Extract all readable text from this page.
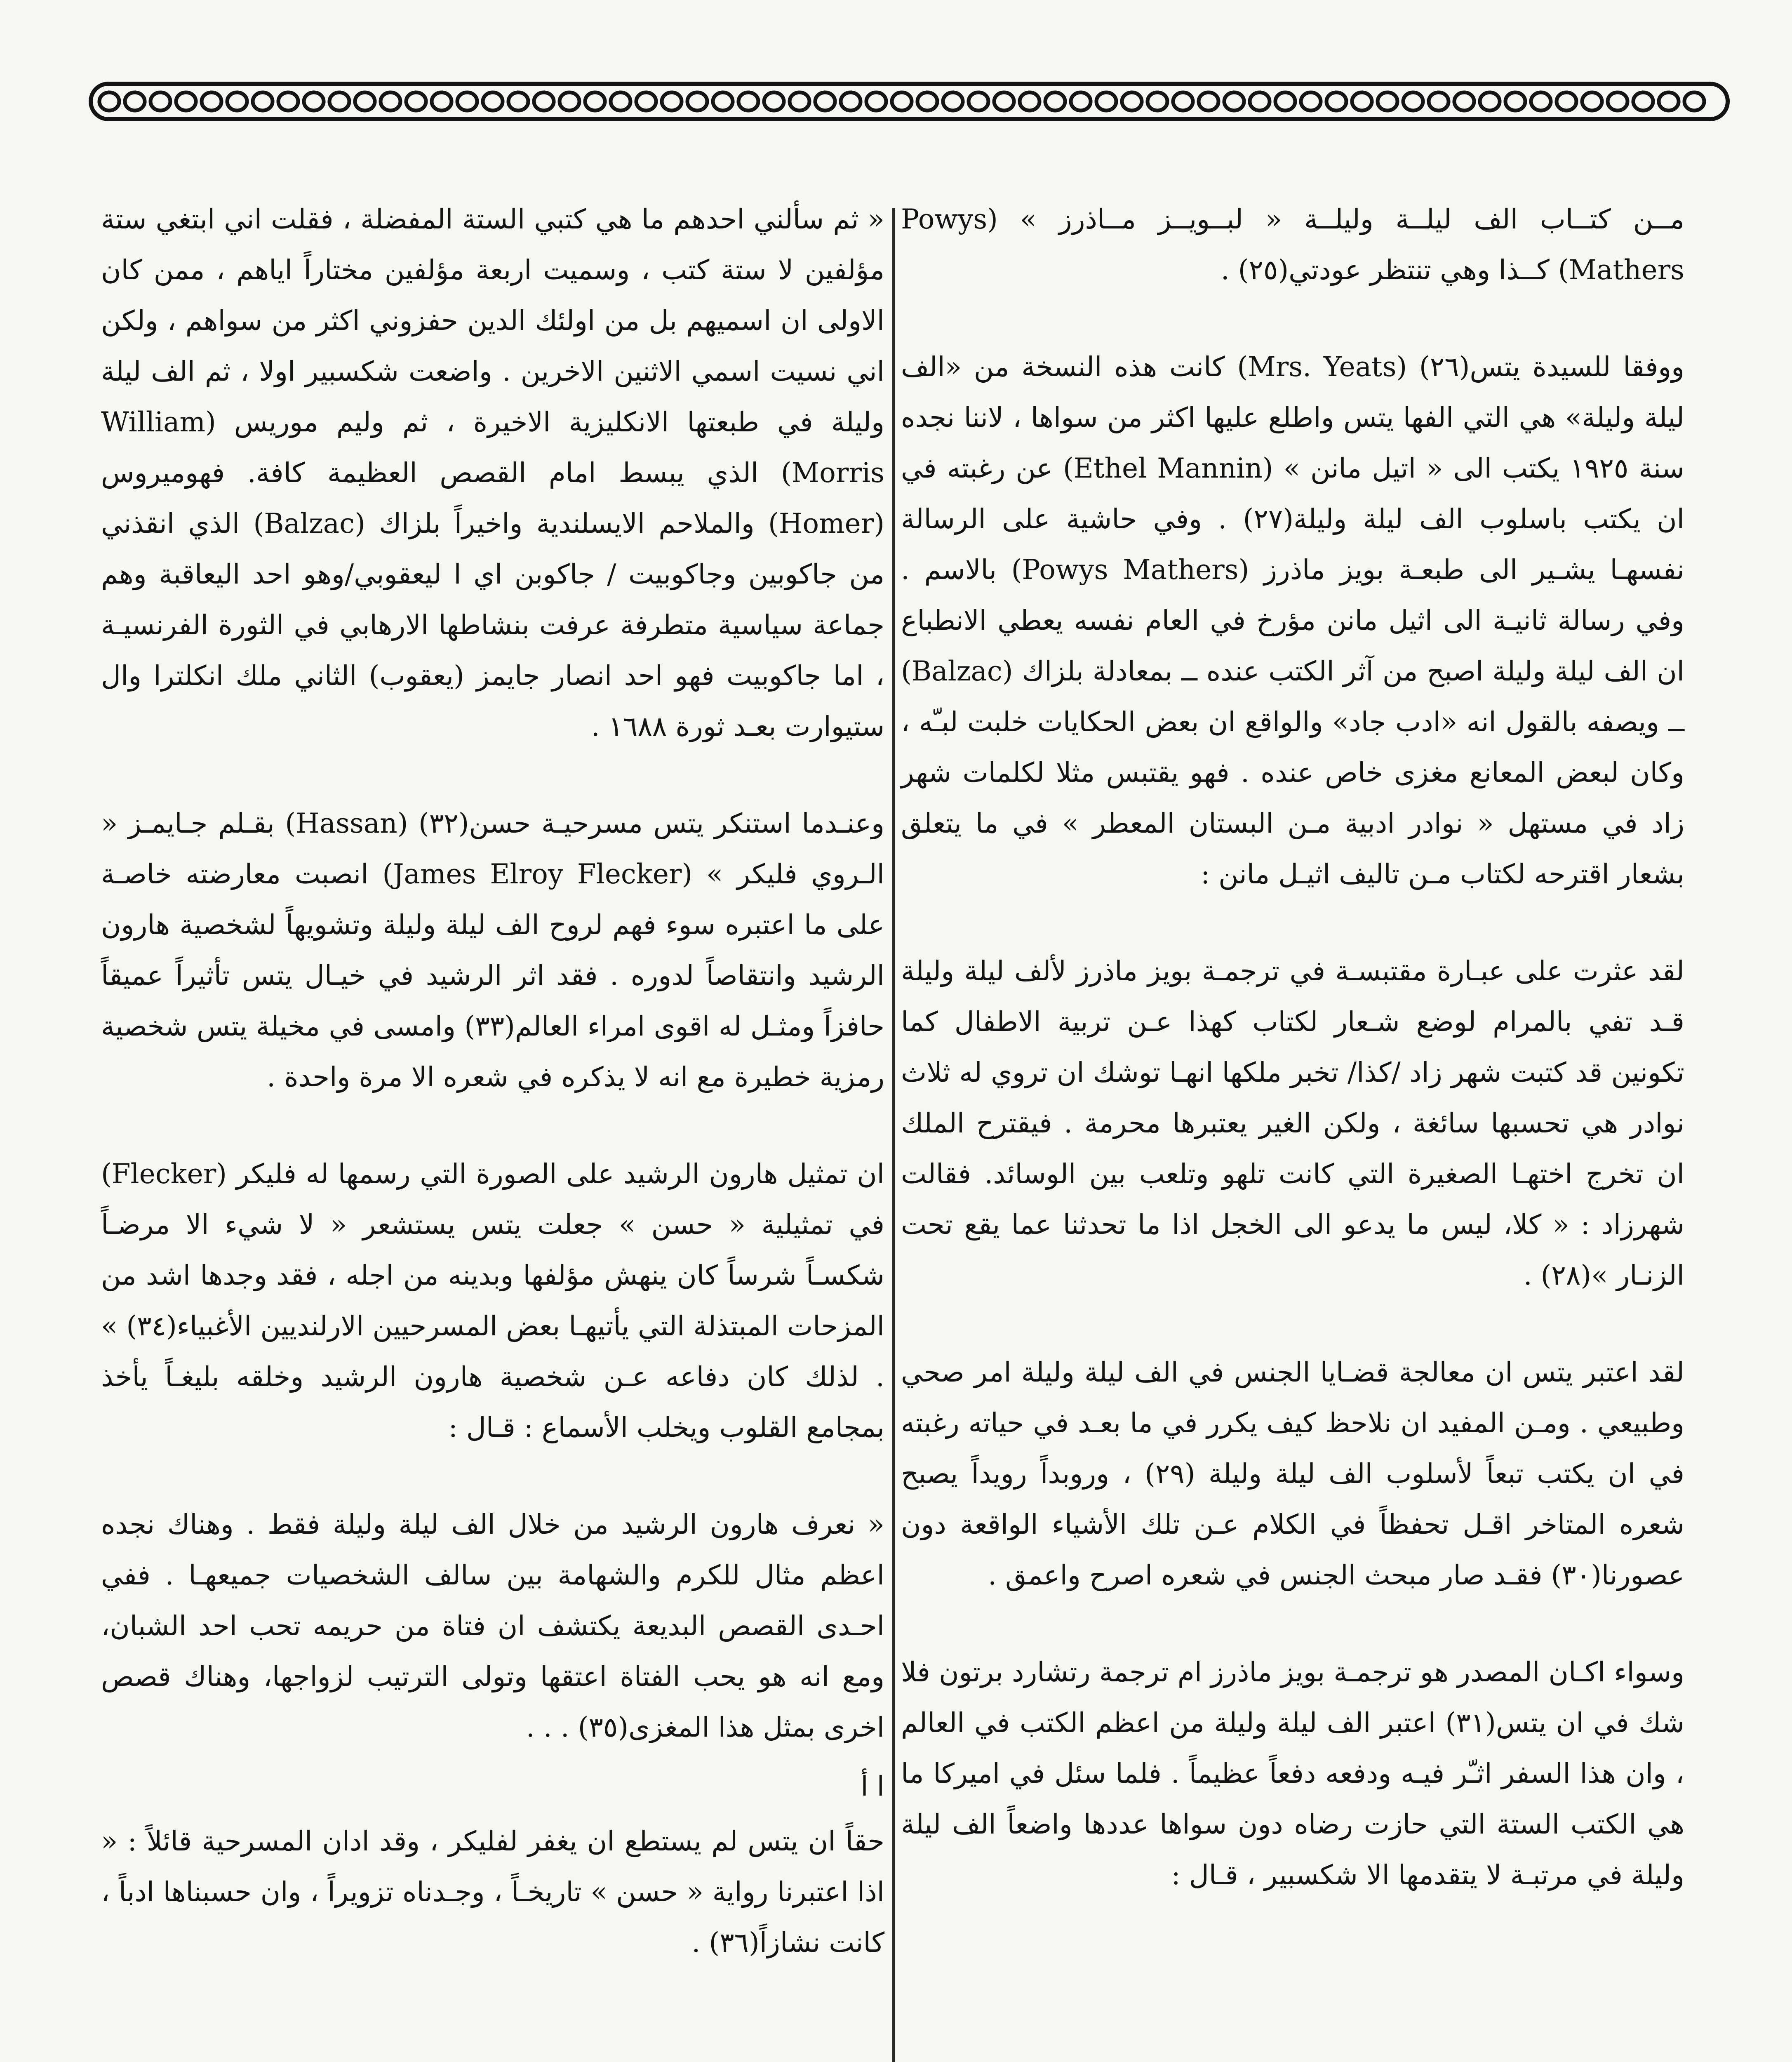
مــن كتــاب الف ليلــة وليلــة « لبــويــز مــاذرز » (Powys Mathers) كــذا وهي تنتظر عودتي(٢٥) .

ووفقا للسيدة يتس(٢٦) (Mrs. Yeats) كانت هذه النسخة من «الف ليلة وليلة» هي التي الفها يتس واطلع عليها اكثر من سواها ، لاننا نجده سنة ١٩٢٥ يكتب الى « اتيل مانن » (Ethel Mannin) عن رغبته في ان يكتب باسلوب الف ليلة وليلة(٢٧) . وفي حاشية على الرسالة نفسهـا يشـير الى طبعـة بويز ماذرز (Powys Mathers) بالاسم . وفي رسالة ثانيـة الى اثيل مانن مؤرخ في العام نفسه يعطي الانطباع ان الف ليلة وليلة اصبح من آثر الكتب عنده ــ بمعادلة بلزاك (Balzac) ــ ويصفه بالقول انه «ادب جاد» والواقع ان بعض الحكايات خلبت لبـّه ، وكان لبعض المعانع مغزى خاص عنده . فهو يقتبس مثلا لكلمات شهر زاد في مستهل « نوادر ادبية مـن البستان المعطر » في ما يتعلق بشعار اقترحه لكتاب مـن تاليف اثيـل مانن :

لقد عثرت على عبـارة مقتبسـة في ترجمـة بويز ماذرز لألف ليلة وليلة قـد تفي بالمرام لوضع شـعار لكتاب كهذا عـن تربية الاطفال كما تكونين قد كتبت شهر زاد /كذا/ تخبر ملكها انهـا توشك ان تروي له ثلاث نوادر هي تحسبها سائغة ، ولكن الغير يعتبرها محرمة . فيقترح الملك ان تخرج اختهـا الصغيرة التي كانت تلهو وتلعب بين الوسائد. فقالت شهرزاد : « كلا، ليس ما يدعو الى الخجل اذا ما تحدثنا عما يقع تحت الزنـار »(٢٨) .

لقد اعتبر يتس ان معالجة قضـايا الجنس في الف ليلة وليلة امر صحي وطبيعي . ومـن المفيد ان نلاحظ كيف يكرر في ما بعـد في حياته رغبته في ان يكتب تبعاً لأسلوب الف ليلة وليلة (٢٩) ، وروبداً رويداً يصبح شعره المتاخر اقـل تحفظاً في الكلام عـن تلك الأشياء الواقعة دون عصورنا(٣٠) فقـد صار مبحث الجنس في شعره اصرح واعمق .

وسواء اكـان المصدر هو ترجمـة بويز ماذرز ام ترجمة رتشارد برتون فلا شك في ان يتس(٣١) اعتبر الف ليلة وليلة من اعظم الكتب في العالم ، وان هذا السفر اثـّر فيـه ودفعه دفعاً عظيماً . فلما سئل في اميركا ما هي الكتب الستة التي حازت رضاه دون سواها عددها واضعاً الف ليلة وليلة في مرتبـة لا يتقدمها الا شكسبير ، قـال :

« ثم سألني احدهم ما هي كتبي الستة المفضلة ، فقلت اني ابتغي ستة مؤلفين لا ستة كتب ، وسميت اربعة مؤلفين مختاراً اياهم ، ممن كان الاولى ان اسميهم بل من اولئك الدين حفزوني اكثر من سواهم ، ولكن اني نسيت اسمي الاثنين الاخرين . واضعت شكسبير اولا ، ثم الف ليلة وليلة في طبعتها الانكليزية الاخيرة ، ثم وليم موريس (William Morris) الذي يبسط امام القصص العظيمة كافة. فهوميروس (Homer) والملاحم الايسلندية واخيراً بلزاك (Balzac) الذي انقذني من جاكوبين وجاكوبيت / جاكوبن اي ا ليعقوبي/وهو احد اليعاقبة وهم جماعة سياسية متطرفة عرفت بنشاطها الارهابي في الثورة الفرنسيـة ، اما جاكوبيت فهو احد انصار جايمز (يعقوب) الثاني ملك انكلترا وال ستيوارت بعـد ثورة ١٦٨٨ .

وعنـدما استنكر يتس مسرحيـة حسن(٣٢) (Hassan) بقـلم جـايمـز « الـروي فليكر » (James Elroy Flecker) انصبت معارضته خاصـة على ما اعتبره سوء فهم لروح الف ليلة وليلة وتشويهاً لشخصية هارون الرشيد وانتقاصاً لدوره . فقد اثر الرشيد في خيـال يتس تأثيراً عميقاً حافزاً ومثـل له اقوى امراء العالم(٣٣) وامسى في مخيلة يتس شخصية رمزية خطيرة مع انه لا يذكره في شعره الا مرة واحدة .

ان تمثيل هارون الرشيد على الصورة التي رسمها له فليكر (Flecker) في تمثيلية « حسن » جعلت يتس يستشعر « لا شيء الا مرضـاً شكسـاً شرساً كان ينهش مؤلفها وبدينه من اجله ، فقد وجدها اشد من المزحات المبتذلة التي يأتيهـا بعض المسرحيين الارلنديين الأغبياء(٣٤) » . لذلك كان دفاعه عـن شخصية هارون الرشيد وخلقه بليغـاً يأخذ بمجامع القلوب ويخلب الأسماع : قـال :

« نعرف هارون الرشيد من خلال الف ليلة وليلة فقط . وهناك نجده اعظم مثال للكرم والشهامة بين سالف الشخصيات جميعهـا . ففي احـدى القصص البديعة يكتشف ان فتاة من حريمه تحب احد الشبان، ومع انه هو يحب الفتاة اعتقها وتولى الترتيب لزواجها، وهناك قصص اخرى بمثل هذا المغزى(٣٥) . . .

ا أ

حقاً ان يتس لم يستطع ان يغفر لفليكر ، وقد ادان المسرحية قائلاً : « اذا اعتبرنا رواية « حسن » تاريخـاً ، وجـدناه تزويراً ، وان حسبناها ادباً ، كانت نشازاً(٣٦) .
